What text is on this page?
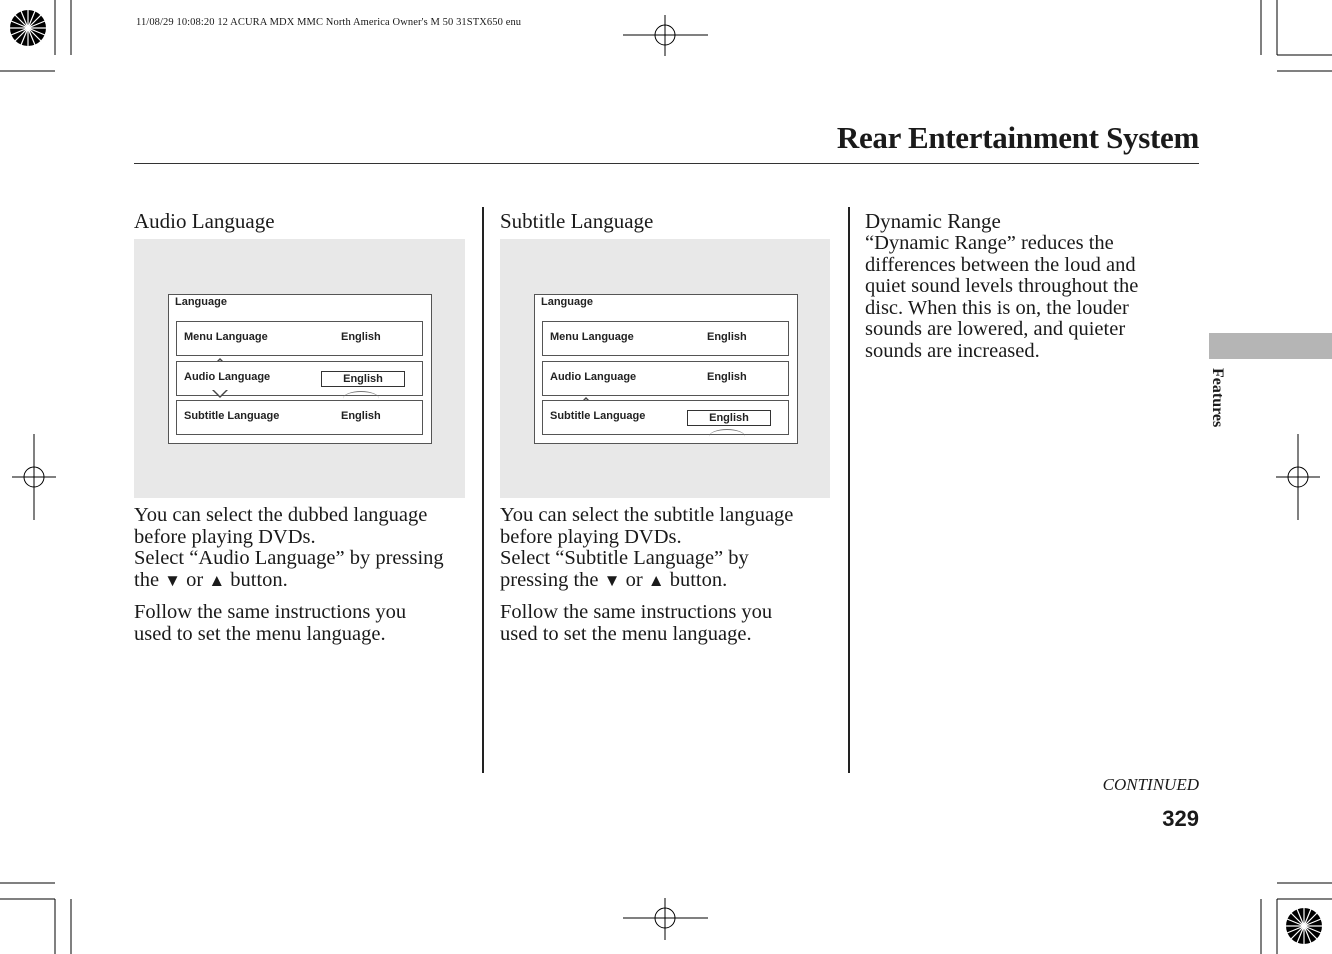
11/08/29 10:08:20 12 ACURA MDX MMC North America Owner's M 50 31STX650 enu
Rear Entertainment System
Audio Language
Language
Menu Language	English
Audio Language	English
Subtitle Language	English

You can select the dubbed language

before playing DVDs.

Select “Audio Language” by pressing

the ▼ or ▲ button.

Follow the same instructions you

used to set the menu language.

Subtitle Language
Language
Menu Language	English
Audio Language	English
Subtitle Language	English

You can select the subtitle language

before playing DVDs.

Select “Subtitle Language” by

pressing the ▼ or ▲ button.

Follow the same instructions you

used to set the menu language.

Dynamic Range

“Dynamic Range” reduces the

differences between the loud and

quiet sound levels throughout the

disc. When this is on, the louder

sounds are lowered, and quieter

sounds are increased.

Features
CONTINUED
329
